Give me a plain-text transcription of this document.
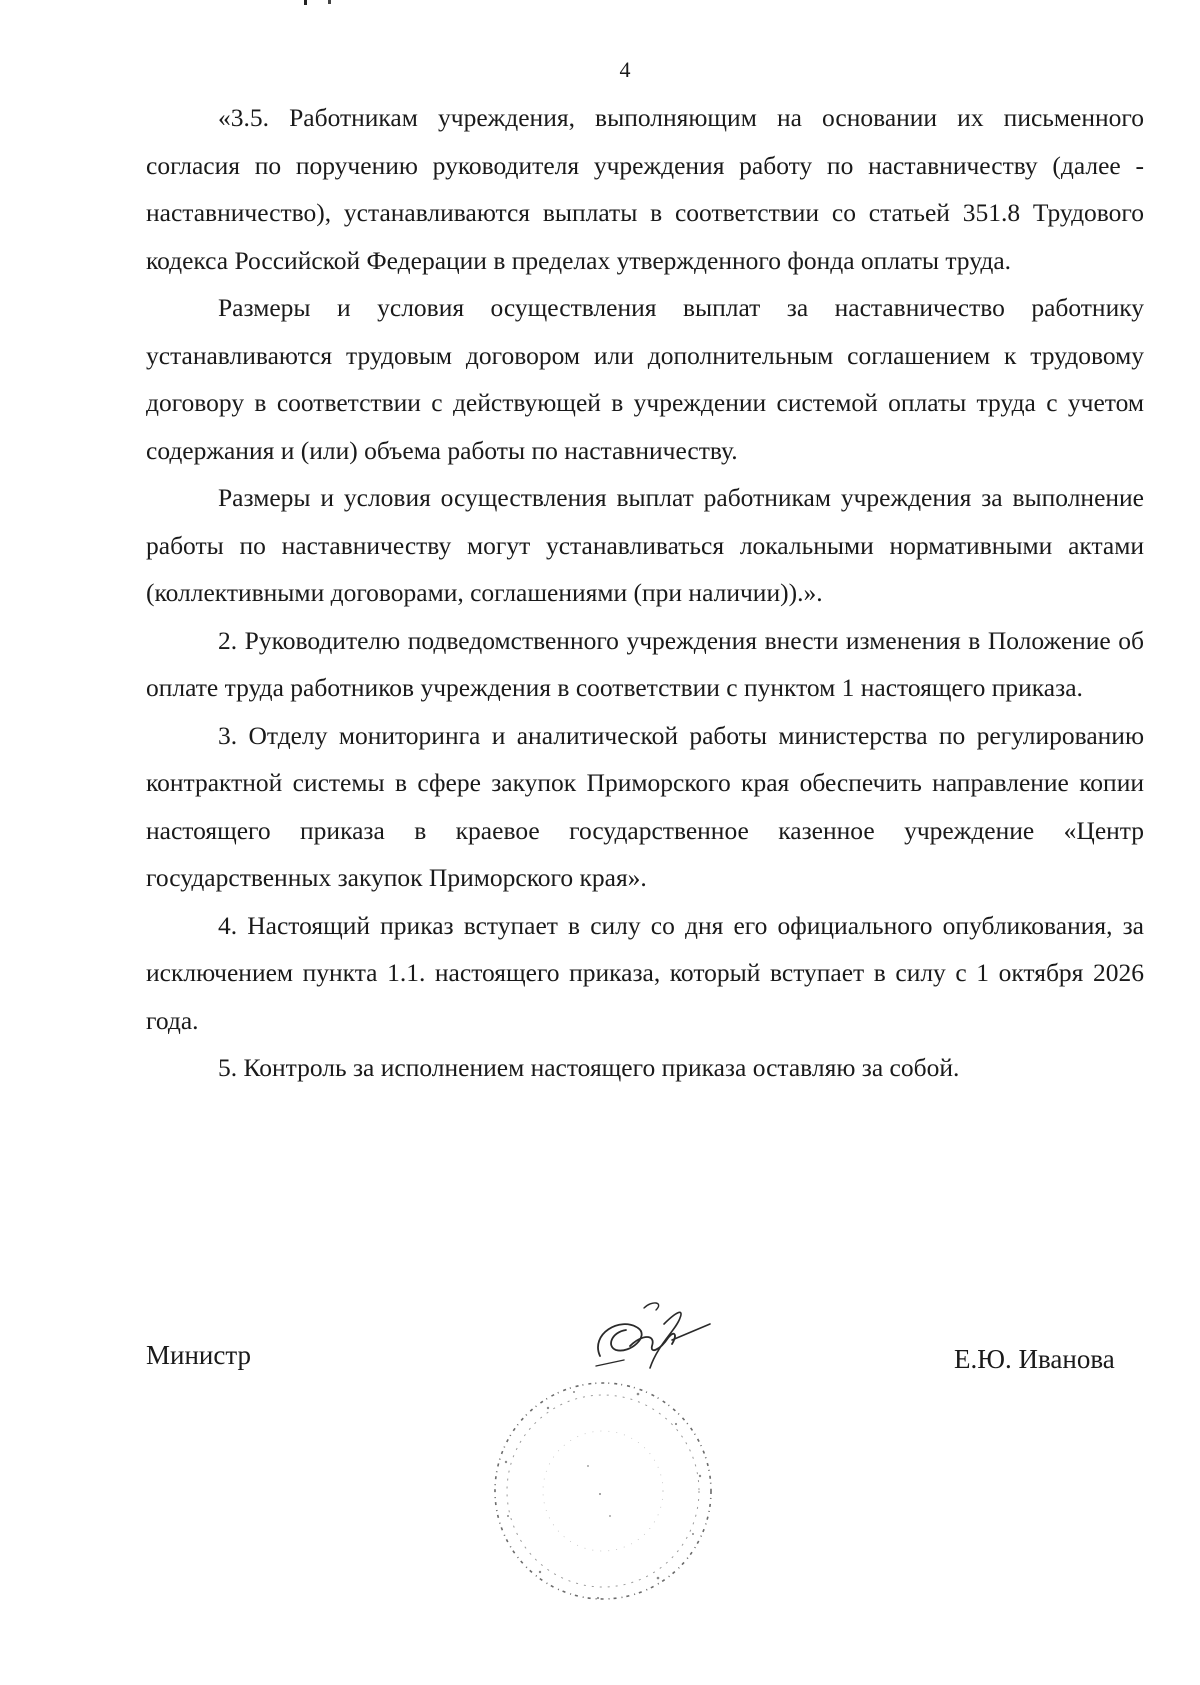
4

«3.5. Работникам учреждения, выполняющим на основании их письменного согласия по поручению руководителя учреждения работу по наставничеству (далее - наставничество), устанавливаются выплаты в соответствии со статьей 351.8 Трудового кодекса Российской Федерации в пределах утвержденного фонда оплаты труда.

Размеры и условия осуществления выплат за наставничество работнику устанавливаются трудовым договором или дополнительным соглашением к трудовому договору в соответствии с действующей в учреждении системой оплаты труда с учетом содержания и (или) объема работы по наставничеству.

Размеры и условия осуществления выплат работникам учреждения за выполнение работы по наставничеству могут устанавливаться локальными нормативными актами (коллективными договорами, соглашениями (при наличии)).».

2. Руководителю подведомственного учреждения внести изменения в Положение об оплате труда работников учреждения в соответствии с пунктом 1 настоящего приказа.

3. Отделу мониторинга и аналитической работы министерства по регулированию контрактной системы в сфере закупок Приморского края обеспечить направление копии настоящего приказа в краевое государственное казенное учреждение «Центр государственных закупок Приморского края».

4. Настоящий приказ вступает в силу со дня его официального опубликования, за исключением пункта 1.1. настоящего приказа, который вступает в силу с 1 октября 2026 года.

5. Контроль за исполнением настоящего приказа оставляю за собой.

Министр	Е.Ю. Иванова
